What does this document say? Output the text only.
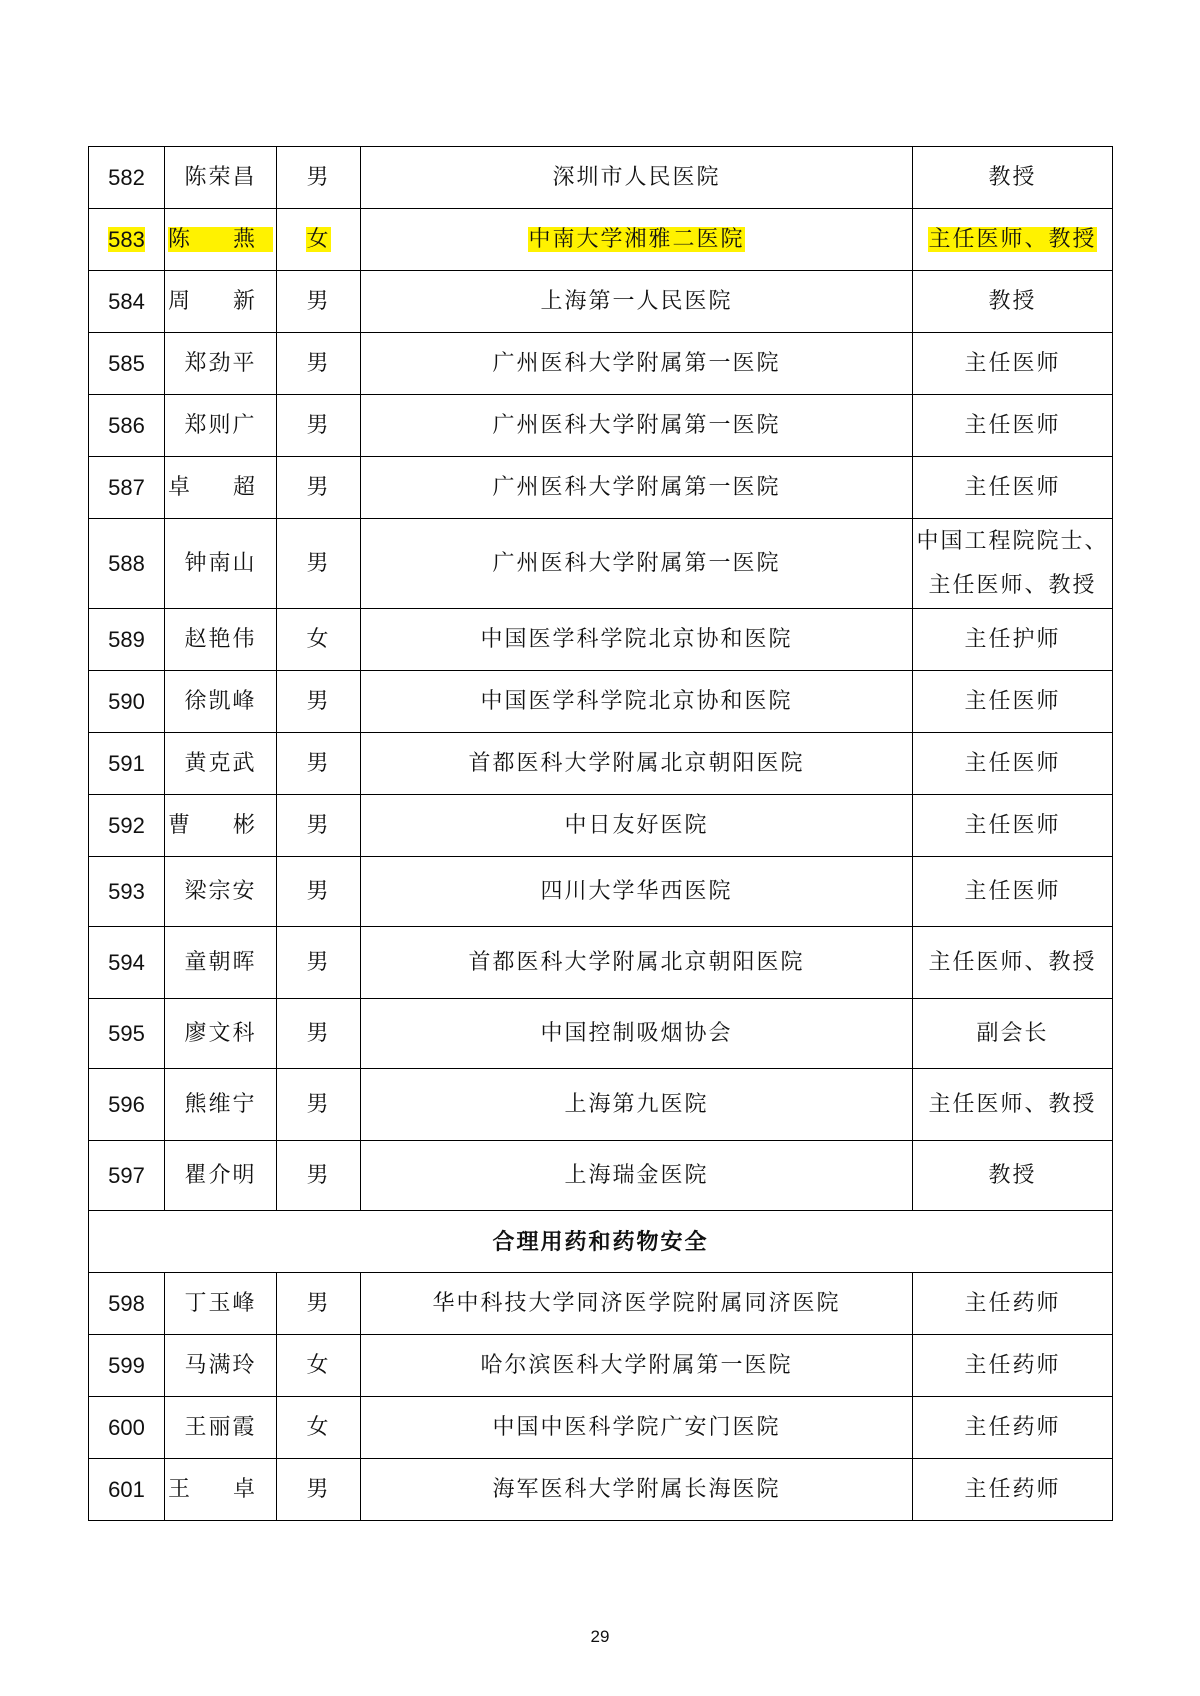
582	陈荣昌	男	深圳市人民医院	教授
583	陈 燕	女	中南大学湘雅二医院	主任医师、教授
584	周 新	男	上海第一人民医院	教授
585	郑劲平	男	广州医科大学附属第一医院	主任医师
586	郑则广	男	广州医科大学附属第一医院	主任医师
587	卓 超	男	广州医科大学附属第一医院	主任医师
588	钟南山	男	广州医科大学附属第一医院	中国工程院院士、
主任医师、教授

589	赵艳伟	女	中国医学科学院北京协和医院	主任护师
590	徐凯峰	男	中国医学科学院北京协和医院	主任医师
591	黄克武	男	首都医科大学附属北京朝阳医院	主任医师
592	曹 彬	男	中日友好医院	主任医师
593	梁宗安	男	四川大学华西医院	主任医师
594	童朝晖	男	首都医科大学附属北京朝阳医院	主任医师、教授
595	廖文科	男	中国控制吸烟协会	副会长
596	熊维宁	男	上海第九医院	主任医师、教授
597	瞿介明	男	上海瑞金医院	教授
合理用药和药物安全				
598	丁玉峰	男	华中科技大学同济医学院附属同济医院	主任药师
599	马满玲	女	哈尔滨医科大学附属第一医院	主任药师
600	王丽霞	女	中国中医科学院广安门医院	主任药师
601	王 卓	男	海军医科大学附属长海医院	主任药师
29
